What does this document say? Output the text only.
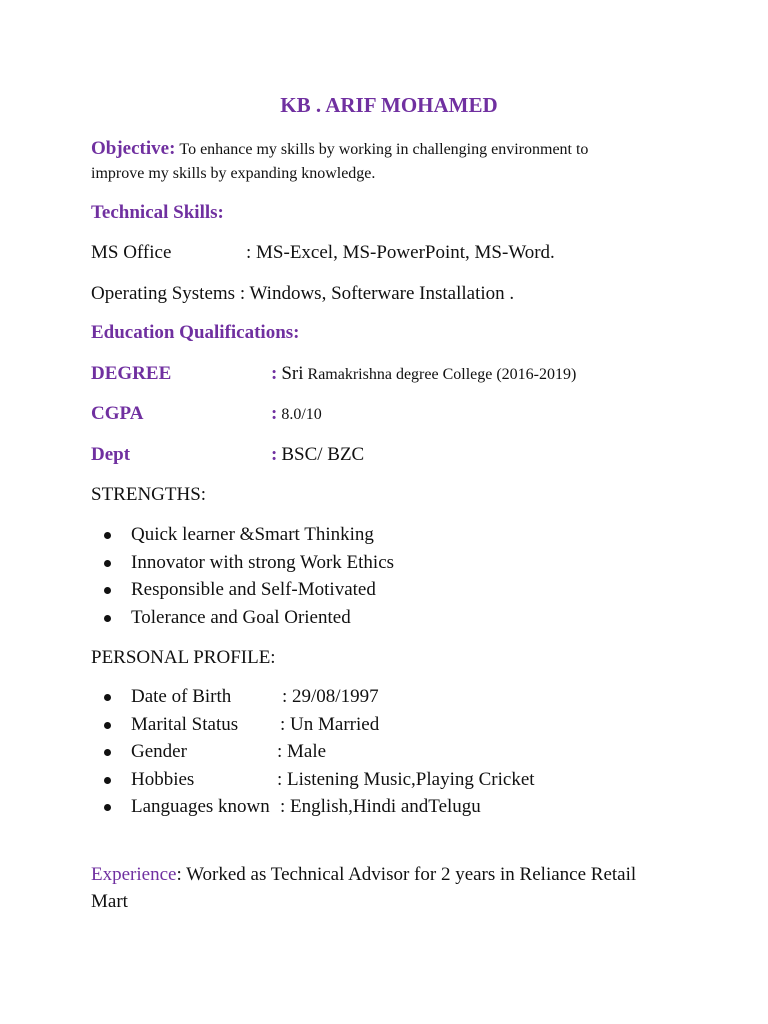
KB . ARIF MOHAMED
Objective: To enhance my skills by working in challenging environment to
improve my skills by expanding knowledge.
Technical Skills:
MS Office	: MS-Excel, MS-PowerPoint, MS-Word.
Operating Systems : Windows, Softerware Installation .
Education Qualifications:
DEGREE	: Sri Ramakrishna degree College (2016-2019)
CGPA	: 8.0/10
Dept	: BSC/ BZC
STRENGTHS:
Quick learner &Smart Thinking
Innovator with strong Work Ethics
Responsible and Self-Motivated
Tolerance and Goal Oriented
PERSONAL PROFILE:
Date of Birth	: 29/08/1997
Marital Status : Un Married
Gender	: Male
Hobbies	: Listening Music,Playing Cricket
Languages known : English,Hindi andTelugu
Experience: Worked as Technical Advisor for 2 years in Reliance Retail
Mart
